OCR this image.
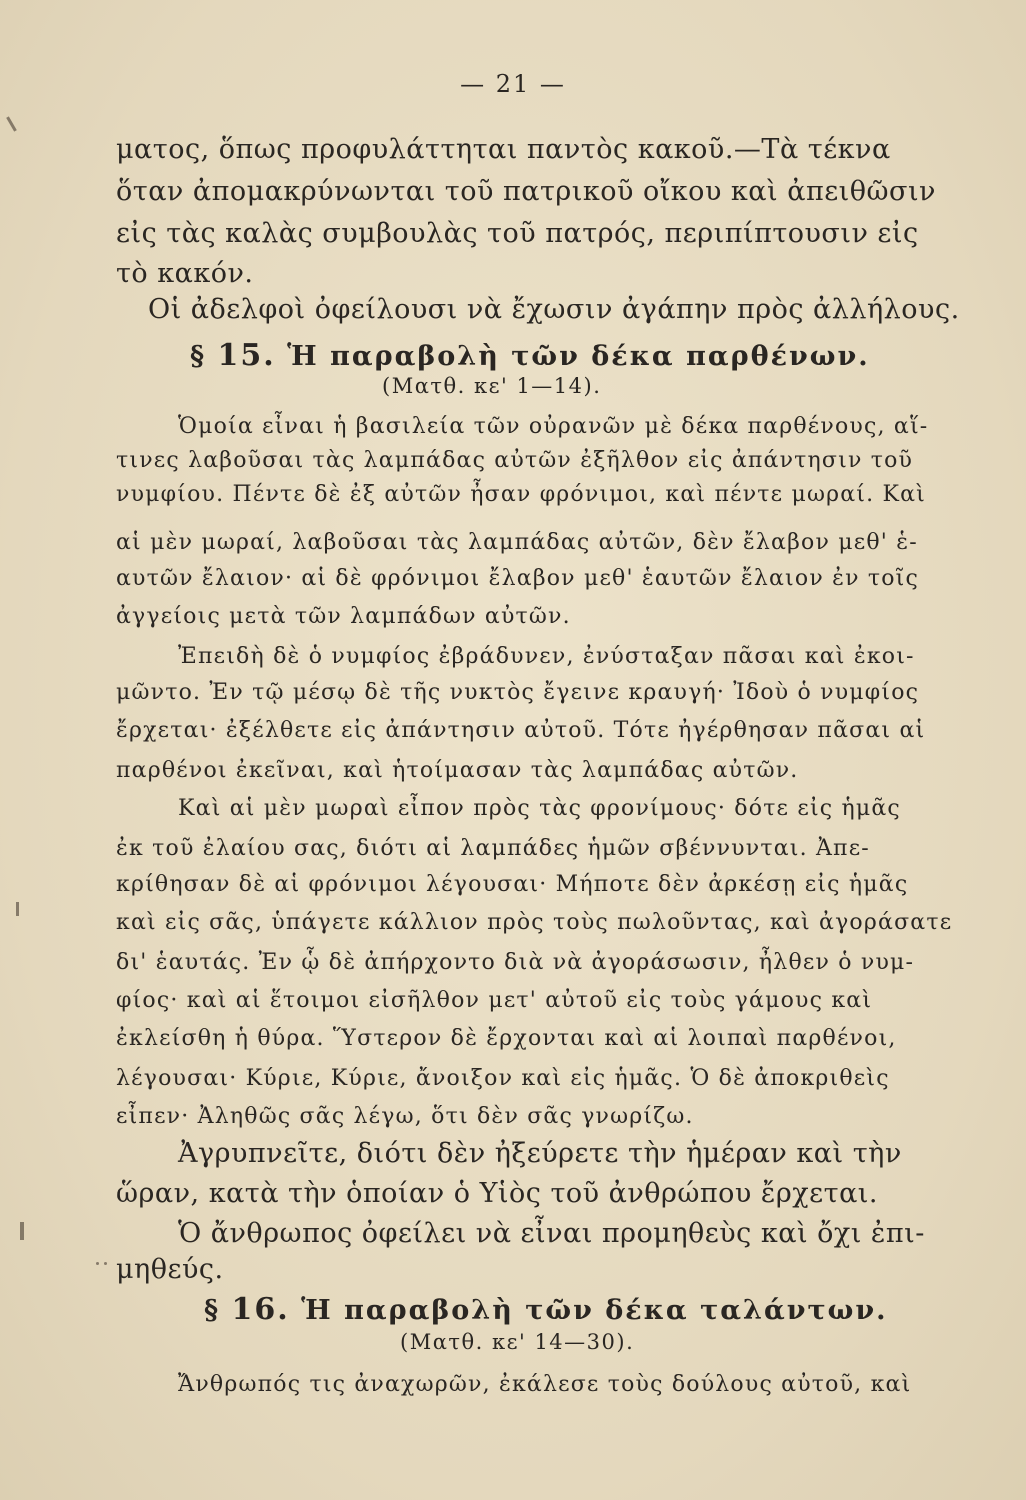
— 21 —
ματος, ὅπως προφυλάττηται παντὸς κακοῦ.—Τὰ τέκνα
ὅταν ἀπομακρύνωνται τοῦ πατρικοῦ οἴκου καὶ ἀπειθῶσιν
εἰς τὰς καλὰς συμβουλὰς τοῦ πατρός, περιπίπτουσιν εἰς
τὸ κακόν.
Οἱ ἀδελφοὶ ὀφείλουσι νὰ ἔχωσιν ἀγάπην πρὸς ἀλλήλους.
§ 15. Ἡ παραβολὴ τῶν δέκα παρθένων.
(Ματθ. κε' 1—14).
Ὁμοία εἶναι ἡ βασιλεία τῶν οὐρανῶν μὲ δέκα παρθένους, αἵ-
τινες λαβοῦσαι τὰς λαμπάδας αὐτῶν ἐξῆλθον εἰς ἀπάντησιν τοῦ
νυμφίου. Πέντε δὲ ἐξ αὐτῶν ἦσαν φρόνιμοι, καὶ πέντε μωραί. Καὶ
αἱ μὲν μωραί, λαβοῦσαι τὰς λαμπάδας αὐτῶν, δὲν ἔλαβον μεθ' ἑ-
αυτῶν ἔλαιον· αἱ δὲ φρόνιμοι ἔλαβον μεθ' ἑαυτῶν ἔλαιον ἐν τοῖς
ἀγγείοις μετὰ τῶν λαμπάδων αὐτῶν.
Ἐπειδὴ δὲ ὁ νυμφίος ἐβράδυνεν, ἐνύσταξαν πᾶσαι καὶ ἐκοι-
μῶντο. Ἐν τῷ μέσῳ δὲ τῆς νυκτὸς ἔγεινε κραυγή· Ἰδοὺ ὁ νυμφίος
ἔρχεται· ἐξέλθετε εἰς ἀπάντησιν αὐτοῦ. Τότε ἠγέρθησαν πᾶσαι αἱ
παρθένοι ἐκεῖναι, καὶ ἡτοίμασαν τὰς λαμπάδας αὐτῶν.
Καὶ αἱ μὲν μωραὶ εἶπον πρὸς τὰς φρονίμους· δότε εἰς ἡμᾶς
ἐκ τοῦ ἐλαίου σας, διότι αἱ λαμπάδες ἡμῶν σβέννυνται. Ἀπε-
κρίθησαν δὲ αἱ φρόνιμοι λέγουσαι· Μήποτε δὲν ἀρκέσῃ εἰς ἡμᾶς
καὶ εἰς σᾶς, ὑπάγετε κάλλιον πρὸς τοὺς πωλοῦντας, καὶ ἀγοράσατε
δι' ἑαυτάς. Ἐν ᾧ δὲ ἀπήρχοντο διὰ νὰ ἀγοράσωσιν, ἦλθεν ὁ νυμ-
φίος· καὶ αἱ ἕτοιμοι εἰσῆλθον μετ' αὐτοῦ εἰς τοὺς γάμους καὶ
ἐκλείσθη ἡ θύρα. Ὕστερον δὲ ἔρχονται καὶ αἱ λοιπαὶ παρθένοι,
λέγουσαι· Κύριε, Κύριε, ἄνοιξον καὶ εἰς ἡμᾶς. Ὁ δὲ ἀποκριθεὶς
εἶπεν· Ἀληθῶς σᾶς λέγω, ὅτι δὲν σᾶς γνωρίζω.
Ἀγρυπνεῖτε, διότι δὲν ἠξεύρετε τὴν ἡμέραν καὶ τὴν
ὥραν, κατὰ τὴν ὁποίαν ὁ Υἱὸς τοῦ ἀνθρώπου ἔρχεται.
Ὁ ἄνθρωπος ὀφείλει νὰ εἶναι προμηθεὺς καὶ ὄχι ἐπι-
μηθεύς.
§ 16. Ἡ παραβολὴ τῶν δέκα ταλάντων.
(Ματθ. κε' 14—30).
Ἄνθρωπός τις ἀναχωρῶν, ἐκάλεσε τοὺς δούλους αὐτοῦ, καὶ
